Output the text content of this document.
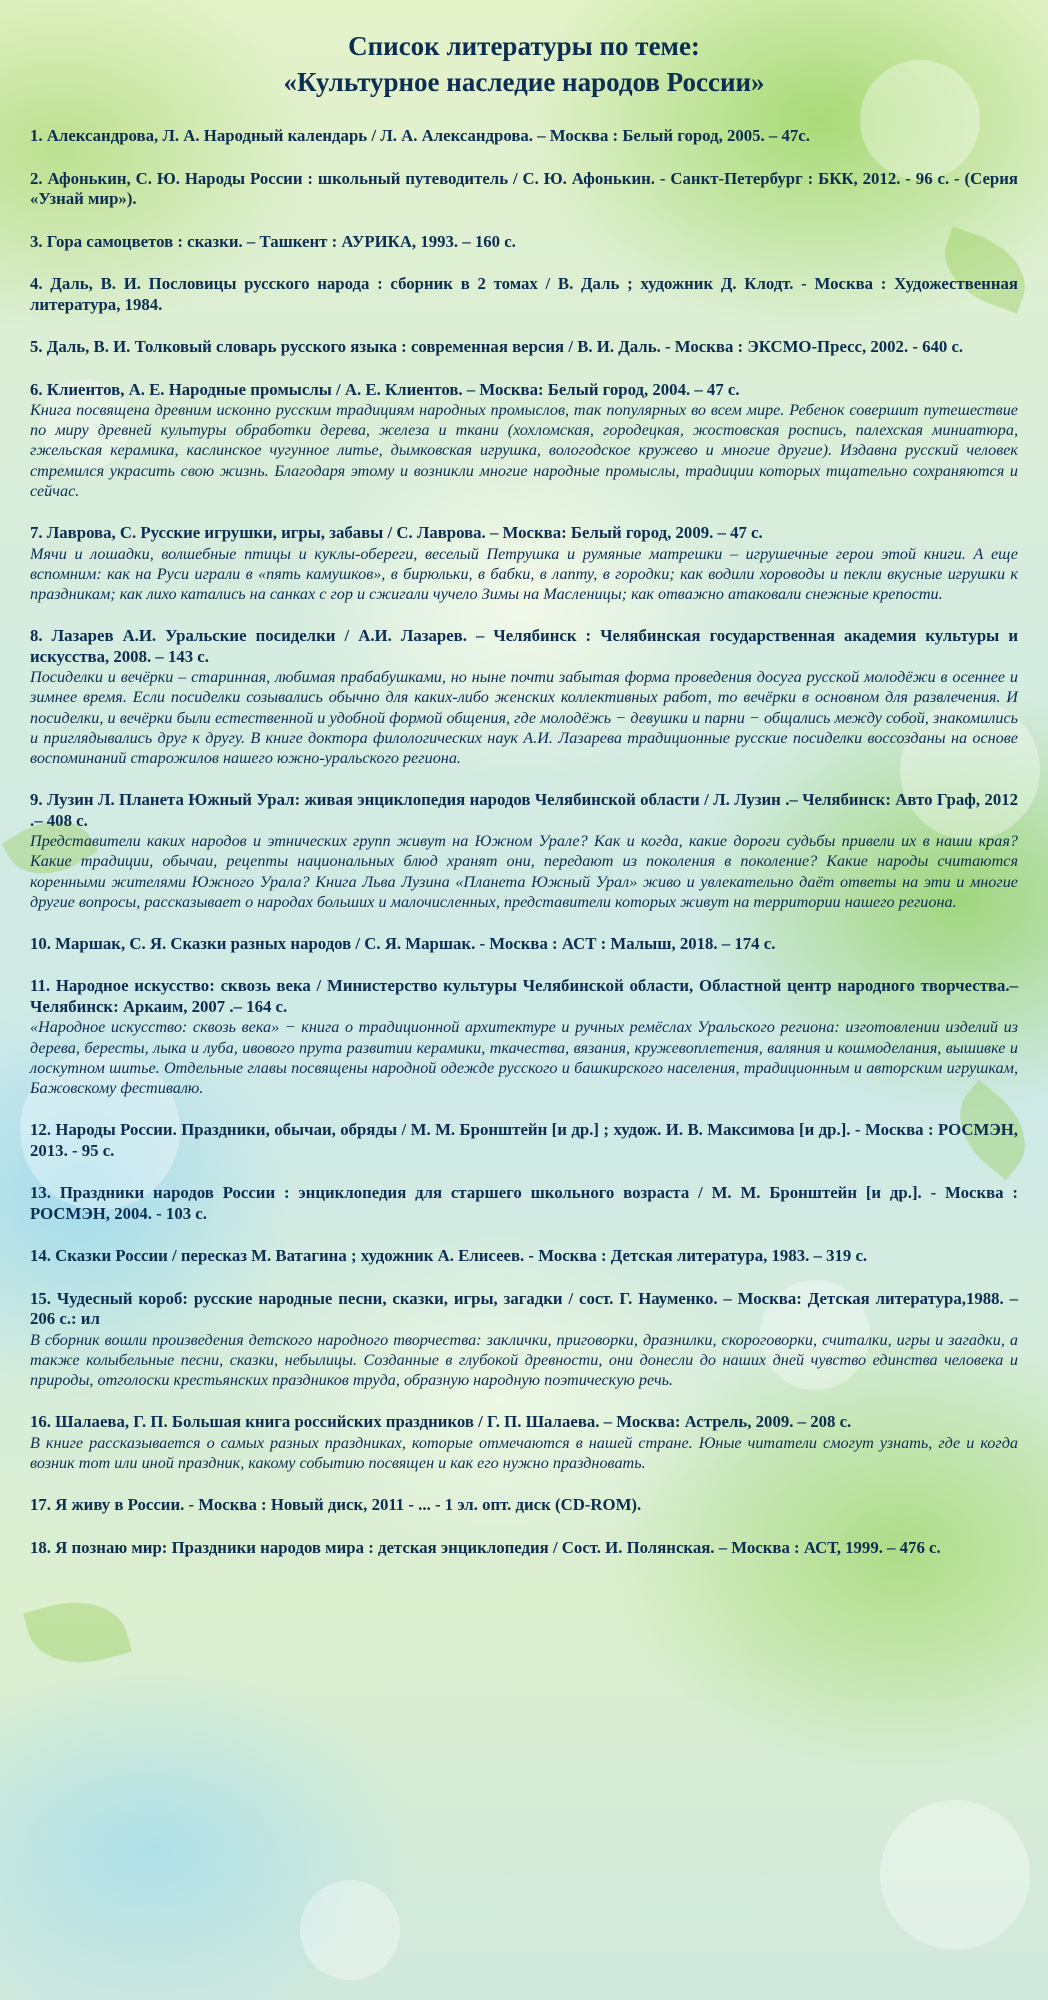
Список литературы по теме:
«Культурное наследие народов России»

1. Александрова, Л. А. Народный календарь / Л. А. Александрова. – Москва : Белый город, 2005. – 47с.

2. Афонькин, С. Ю. Народы России : школьный путеводитель / С. Ю. Афонькин. - Санкт-Петербург : БКК, 2012. - 96 с. - (Серия «Узнай мир»).

3. Гора самоцветов : сказки. – Ташкент : АУРИКА, 1993. – 160 с.

4. Даль, В. И. Пословицы русского народа : сборник в 2 томах / В. Даль ; художник Д. Клодт. - Москва : Художественная литература, 1984.

5. Даль, В. И. Толковый словарь русского языка : современная версия / В. И. Даль. - Москва : ЭКСМО-Пресс, 2002. - 640 с.

6. Клиентов, А. Е. Народные промыслы / А. Е. Клиентов. – Москва: Белый город, 2004. – 47 с.

Книга посвящена древним исконно русским традициям народных промыслов, так популярных во всем мире. Ребенок совершит путешествие по миру древней культуры обработки дерева, железа и ткани (хохломская, городецкая, жостовская роспись, палехская миниатюра, гжельская керамика, каслинское чугунное литье, дымковская игрушка, вологодское кружево и многие другие). Издавна русский человек стремился украсить свою жизнь. Благодаря этому и возникли многие народные промыслы, традиции которых тщательно сохраняются и сейчас.

7. Лаврова, С. Русские игрушки, игры, забавы / С. Лаврова. – Москва: Белый город, 2009. – 47 с.

Мячи и лошадки, волшебные птицы и куклы-обереги, веселый Петрушка и румяные матрешки – игрушечные герои этой книги. А еще вспомним: как на Руси играли в «пять камушков», в бирюльки, в бабки, в лапту, в городки; как водили хороводы и пекли вкусные игрушки к праздникам; как лихо катались на санках с гор и сжигали чучело Зимы на Масленицы; как отважно атаковали снежные крепости.

8. Лазарев А.И. Уральские посиделки / А.И. Лазарев. – Челябинск : Челябинская государственная академия культуры и искусства, 2008. – 143 с.

Посиделки и вечёрки – старинная, любимая прабабушками, но ныне почти забытая форма проведения досуга русской молодёжи в осеннее и зимнее время. Если посиделки созывались обычно для каких-либо женских коллективных работ, то вечёрки в основном для развлечения. И посиделки, и вечёрки были естественной и удобной формой общения, где молодёжь − девушки и парни − общались между собой, знакомились и приглядывались друг к другу. В книге доктора филологических наук А.И. Лазарева традиционные русские посиделки воссозданы на основе воспоминаний старожилов нашего южно-уральского региона.

9. Лузин Л. Планета Южный Урал: живая энциклопедия народов Челябинской области / Л. Лузин .– Челябинск: Авто Граф, 2012 .– 408 с.

Представители каких народов и этнических групп живут на Южном Урале? Как и когда, какие дороги судьбы привели их в наши края? Какие традиции, обычаи, рецепты национальных блюд хранят они, передают из поколения в поколение? Какие народы считаются коренными жителями Южного Урала? Книга Льва Лузина «Планета Южный Урал» живо и увлекательно даёт ответы на эти и многие другие вопросы, рассказывает о народах больших и малочисленных, представители которых живут на территории нашего региона.

10. Маршак, С. Я. Сказки разных народов / С. Я. Маршак. - Москва : АСТ : Малыш, 2018. – 174 с.

11. Народное искусство: сквозь века / Министерство культуры Челябинской области, Областной центр народного творчества.– Челябинск: Аркаим, 2007 .– 164 с.

«Народное искусство: сквозь века» − книга о традиционной архитектуре и ручных ремёслах Уральского региона: изготовлении изделий из дерева, бересты, лыка и луба, ивового прута развитии керамики, ткачества, вязания, кружевоплетения, валяния и кошмоделания, вышивке и лоскутном шитье. Отдельные главы посвящены народной одежде русского и башкирского населения, традиционным и авторским игрушкам, Бажовскому фестивалю.

12. Народы России. Праздники, обычаи, обряды / М. М. Бронштейн [и др.] ; худож. И. В. Максимова [и др.]. - Москва : РОСМЭН, 2013. - 95 с.

13. Праздники народов России : энциклопедия для старшего школьного возраста / М. М. Бронштейн [и др.]. - Москва : РОСМЭН, 2004. - 103 с.

14. Сказки России / пересказ М. Ватагина ; художник А. Елисеев. - Москва : Детская литература, 1983. – 319 с.

15. Чудесный короб: русские народные песни, сказки, игры, загадки / сост. Г. Науменко. – Москва: Детская литература,1988. – 206 с.: ил

В сборник вошли произведения детского народного творчества: заклички, приговорки, дразнилки, скороговорки, считалки, игры и загадки, а также колыбельные песни, сказки, небылицы. Созданные в глубокой древности, они донесли до наших дней чувство единства человека и природы, отголоски крестьянских праздников труда, образную народную поэтическую речь.

16. Шалаева, Г. П. Большая книга российских праздников / Г. П. Шалаева. – Москва: Астрель, 2009. – 208 с.

В книге рассказывается о самых разных праздниках, которые отмечаются в нашей стране. Юные читатели смогут узнать, где и когда возник тот или иной праздник, какому событию посвящен и как его нужно праздновать.

17. Я живу в России. - Москва : Новый диск, 2011 - ... - 1 эл. опт. диск (CD-ROM).

18. Я познаю мир: Праздники народов мира : детская энциклопедия / Сост. И. Полянская. – Москва : АСТ, 1999. – 476 с.
